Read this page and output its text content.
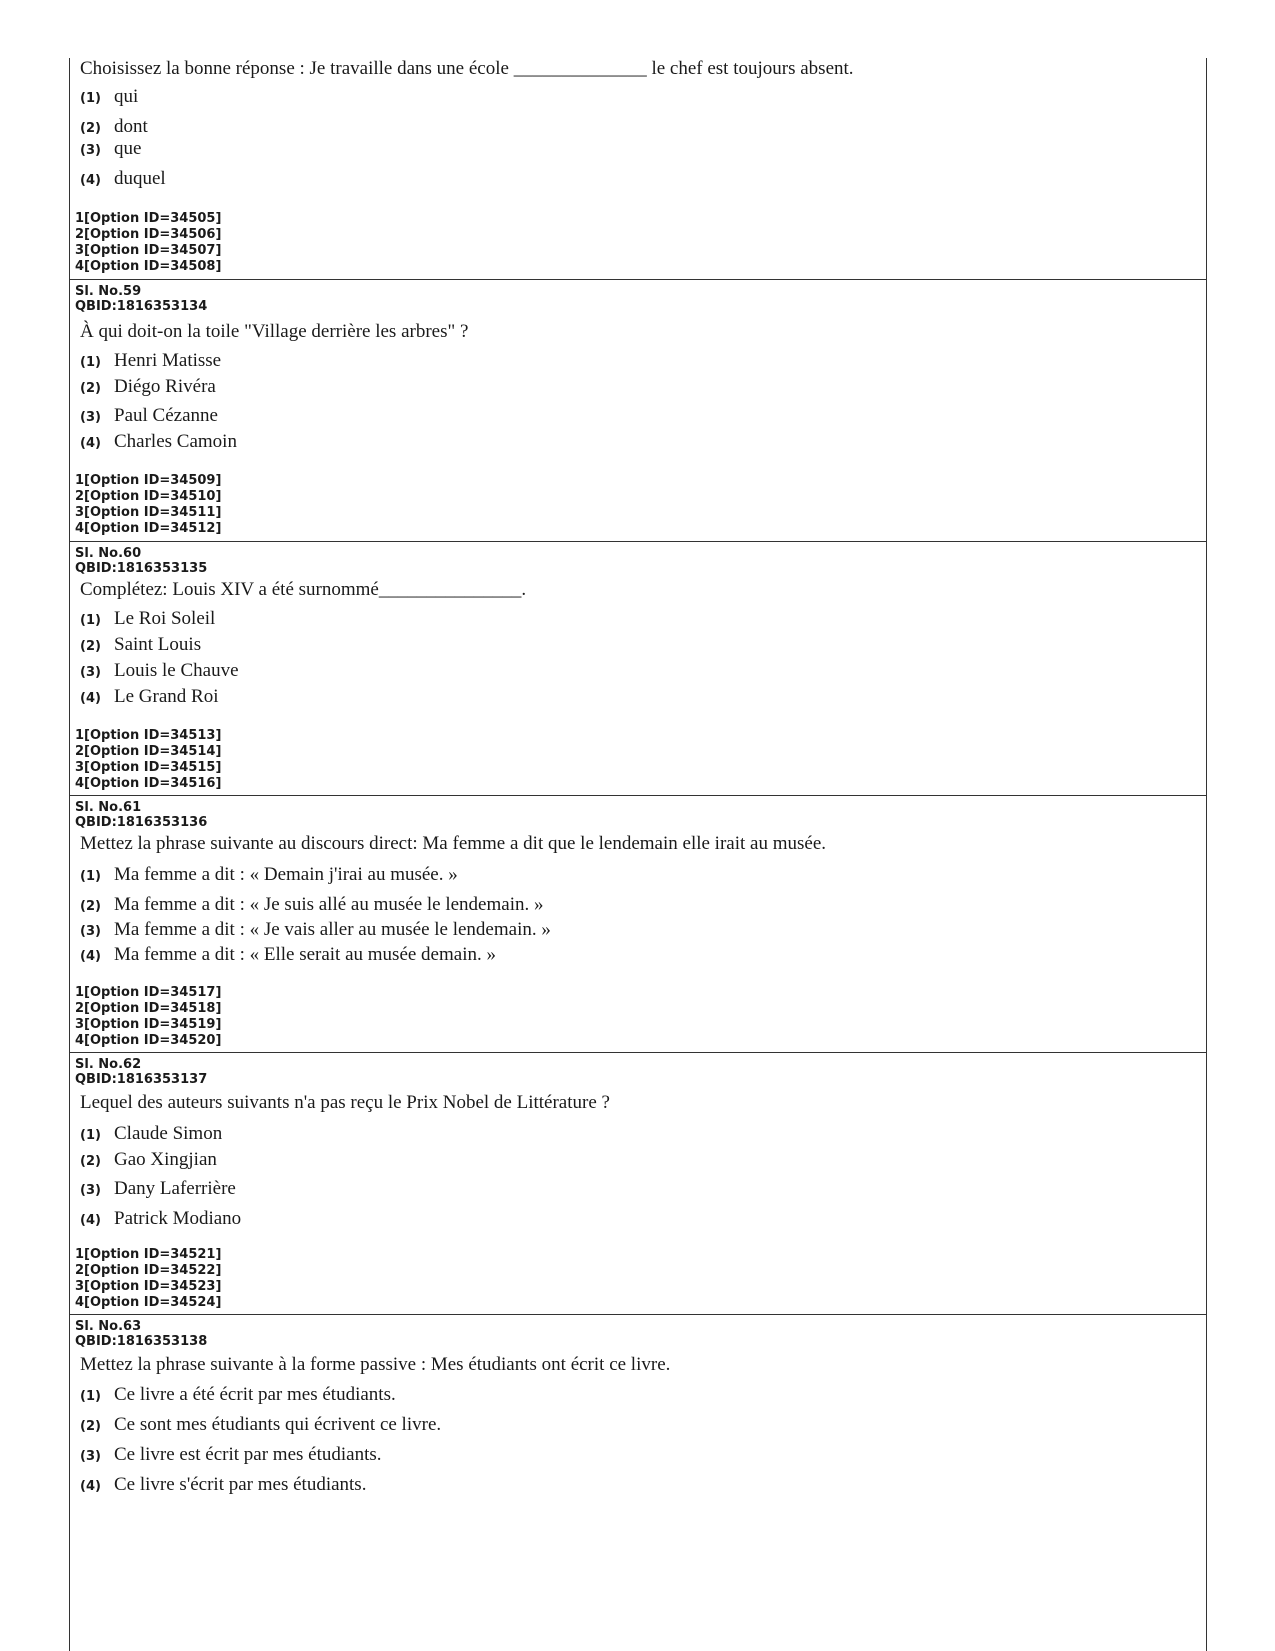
Choisissez la bonne réponse : Je travaille dans une école ______________ le chef est toujours absent.
(1) qui
(2) dont
(3) que
(4) duquel
1[Option ID=34505]
2[Option ID=34506]
3[Option ID=34507]
4[Option ID=34508]
Sl. No.59
QBID:1816353134
À qui doit-on la toile "Village derrière les arbres" ?
(1) Henri Matisse
(2) Diégo Rivéra
(3) Paul Cézanne
(4) Charles Camoin
1[Option ID=34509]
2[Option ID=34510]
3[Option ID=34511]
4[Option ID=34512]
Sl. No.60
QBID:1816353135
Complétez: Louis XIV a été surnommé_______________.
(1) Le Roi Soleil
(2) Saint Louis
(3) Louis le Chauve
(4) Le Grand Roi
1[Option ID=34513]
2[Option ID=34514]
3[Option ID=34515]
4[Option ID=34516]
Sl. No.61
QBID:1816353136
Mettez la phrase suivante au discours direct: Ma femme a dit que le lendemain elle irait au musée.
(1) Ma femme a dit : « Demain j'irai au musée. »
(2) Ma femme a dit : « Je suis allé au musée le lendemain. »
(3) Ma femme a dit : « Je vais aller au musée le lendemain. »
(4) Ma femme a dit : « Elle serait au musée demain. »
1[Option ID=34517]
2[Option ID=34518]
3[Option ID=34519]
4[Option ID=34520]
Sl. No.62
QBID:1816353137
Lequel des auteurs suivants n'a pas reçu le Prix Nobel de Littérature ?
(1) Claude Simon
(2) Gao Xingjian
(3) Dany Laferrière
(4) Patrick Modiano
1[Option ID=34521]
2[Option ID=34522]
3[Option ID=34523]
4[Option ID=34524]
Sl. No.63
QBID:1816353138
Mettez la phrase suivante à la forme passive : Mes étudiants ont écrit ce livre.
(1) Ce livre a été écrit par mes étudiants.
(2) Ce sont mes étudiants qui écrivent ce livre.
(3) Ce livre est écrit par mes étudiants.
(4) Ce livre s'écrit par mes étudiants.
